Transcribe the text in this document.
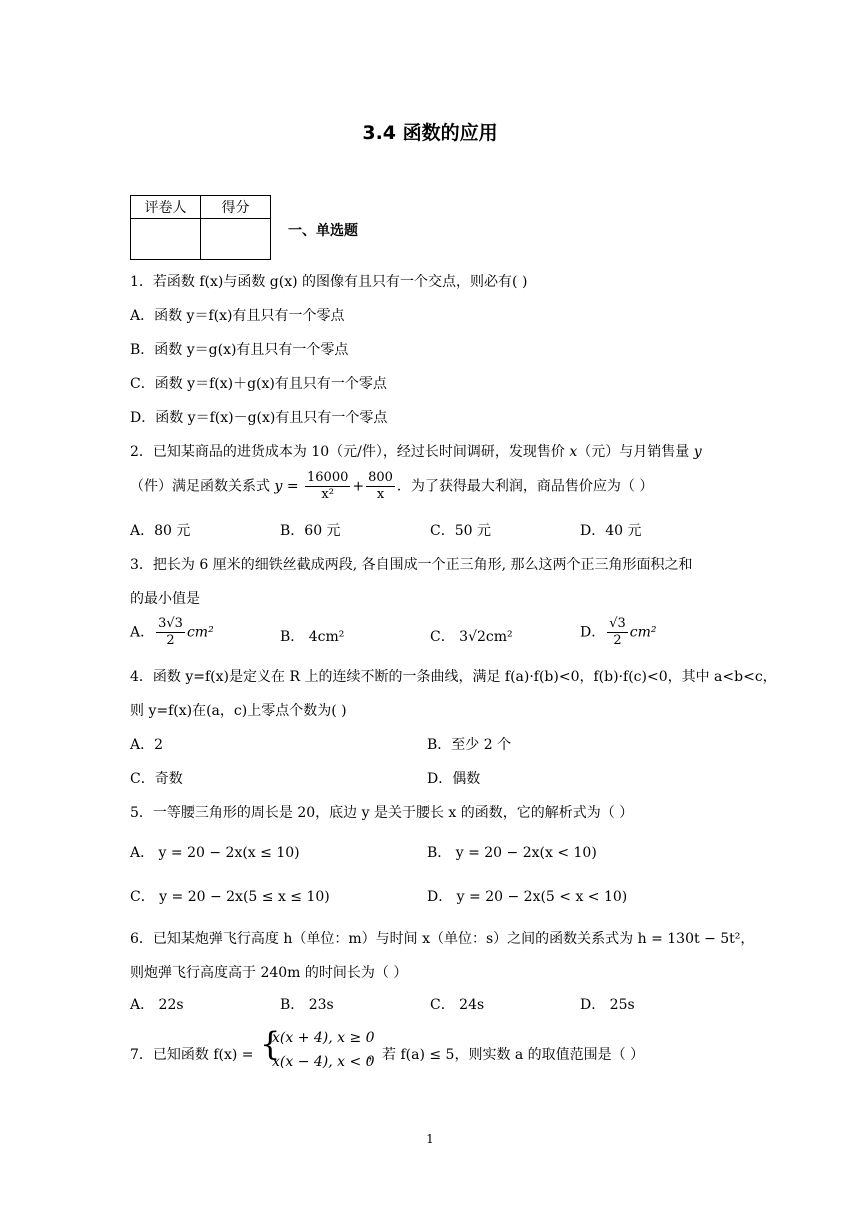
3.4 函数的应用
评卷人	得分

一、单选题
1．若函数 f(x)与函数 g(x) 的图像有且只有一个交点，则必有( )
A．函数 y＝f(x)有且只有一个零点
B．函数 y＝g(x)有且只有一个零点
C．函数 y＝f(x)＋g(x)有且只有一个零点
D．函数 y＝f(x)－g(x)有且只有一个零点
2．已知某商品的进货成本为 10（元/件），经过长时间调研，发现售价 x（元）与月销售量 y
（件）满足函数关系式 $y = \frac{16000}{\text{x²}} + \frac{800}{x}$ ．为了获得最大利润，商品售价应为（ ）
A．80 元	B．60 元	C．50 元	D．40 元
3．把长为 6 厘米的细铁丝截成两段, 各自围成一个正三角形, 那么这两个正三角形面积之和
的最小值是
A． $\frac{3√3}{2} cm^2$	B． 4cm²	C． 3√2cm²	D． $\frac{√3}{2} cm^2$
4．函数 y=f(x)是定义在 R 上的连续不断的一条曲线，满足 f(a)·f(b)<0，f(b)·f(c)<0，其中 a<b<c，
则 y=f(x)在(a，c)上零点个数为( )
A．2	B．至少 2 个
C．奇数	D．偶数
5．一等腰三角形的周长是 20，底边 y 是关于腰长 x 的函数，它的解析式为（ ）
A． y = 20 − 2x(x ≤ 10)	B． y = 20 − 2x(x < 10)
C． y = 20 − 2x(5 ≤ x ≤ 10)	D． y = 20 − 2x(5 < x < 10)
6．已知某炮弹飞行高度 h（单位：m）与时间 x（单位：s）之间的函数关系式为 h = 130t − 5t²，
则炮弹飞行高度高于 240m 的时间长为（ ）
A． 22s	B． 23s	C． 24s	D． 25s
7．已知函数 f(x) = {
x(x + 4), x ≥ 0
x(x − 4), x < 0
，若 f(a) ≤ 5，则实数 a 的取值范围是（ ）
1
